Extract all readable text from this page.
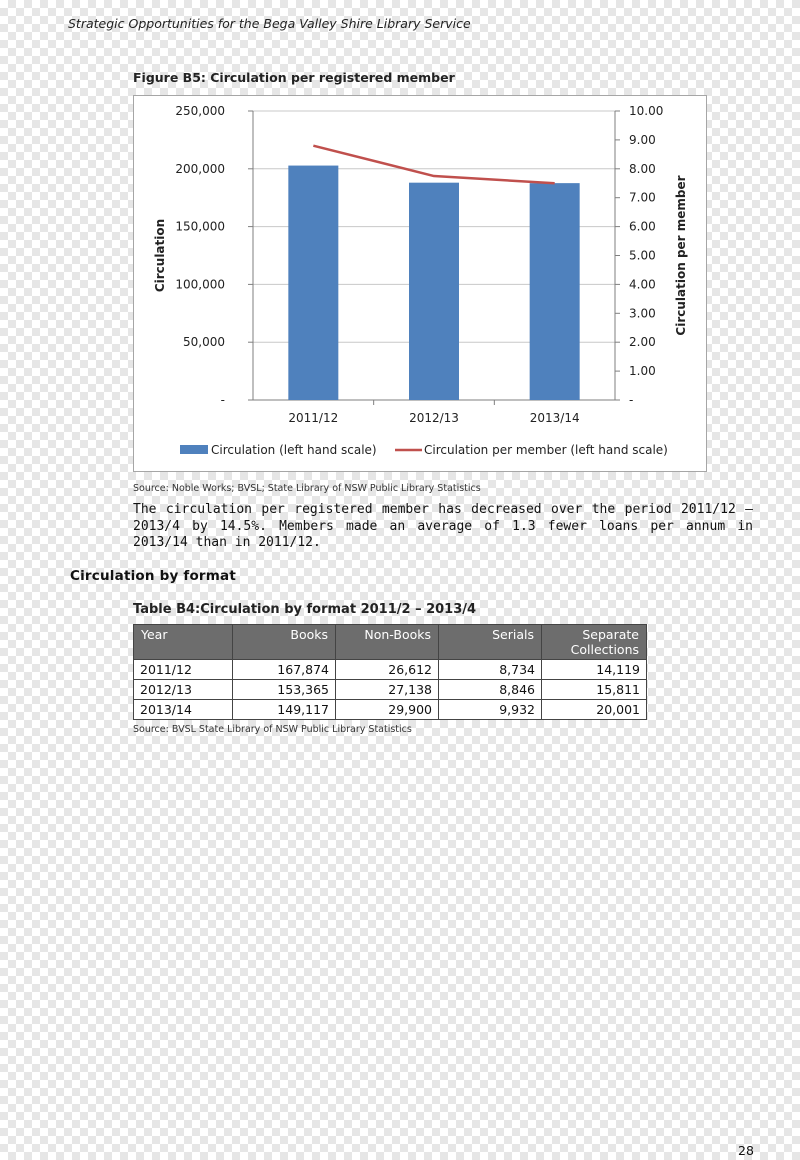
Strategic Opportunities for the Bega Valley Shire Library Service
Figure B5: Circulation per registered member
-
50,000
100,000
150,000
200,000
250,000
-
1.00
2.00
3.00
4.00
5.00
6.00
7.00
8.00
9.00
10.00
2011/12	2012/13	2013/14
Circulation	Circulation per member
Circulation (left hand scale)	Circulation per member (left hand scale)
Source: Noble Works; BVSL; State Library of NSW Public Library Statistics

The circulation per registered member has decreased over the period 2011/12 – 2013/4 by 14.5%. Members made an average of 1.3 fewer loans per annum in 2013/14 than in 2011/12.

Circulation by format
Table B4:Circulation by format 2011/2 – 2013/4
Year	Books	Non-Books	Serials	Separate Collections
2011/12	167,874	26,612	8,734	14,119
2012/13	153,365	27,138	8,846	15,811
2013/14	149,117	29,900	9,932	20,001
Source: BVSL State Library of NSW Public Library Statistics
28
